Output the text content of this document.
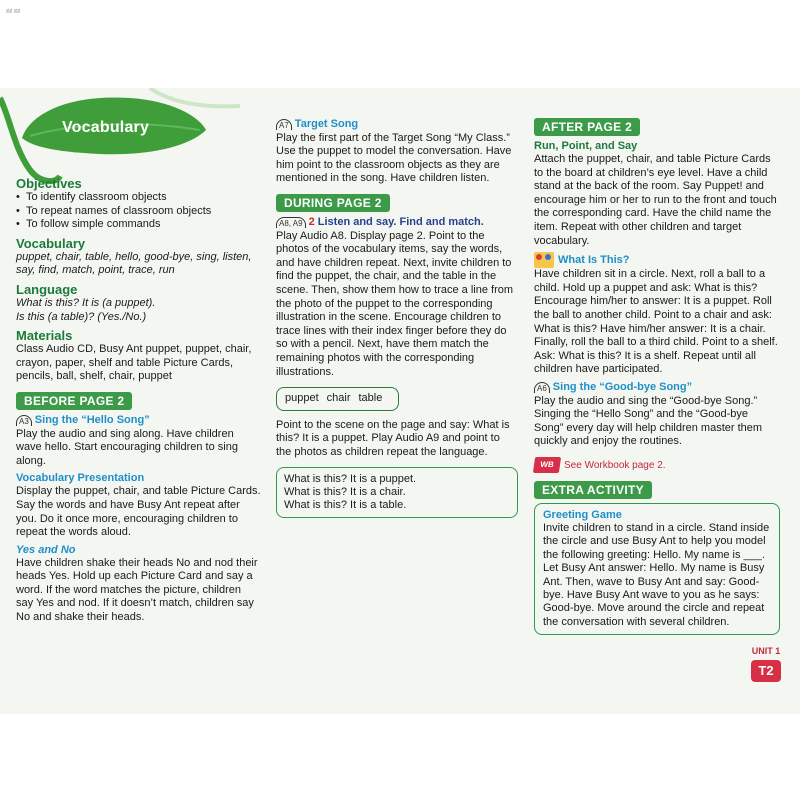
ดีดี ดีดี
Vocabulary
Objectives
• To identify classroom objects
• To repeat names of classroom objects
• To follow simple commands
Vocabulary

puppet, chair, table, hello, good-bye, sing, listen, say, find, match, point, trace, run

Language

What is this? It is (a puppet).

Is this (a table)? (Yes./No.)

Materials

Class Audio CD, Busy Ant puppet, puppet, chair, crayon, paper, shelf and table Picture Cards, pencils, ball, shelf, chair, puppet

BEFORE PAGE 2
A3 Sing the “Hello Song”

Play the audio and sing along. Have children wave hello. Start encouraging children to sing along.

Vocabulary Presentation

Display the puppet, chair, and table Picture Cards. Say the words and have Busy Ant repeat after you. Do it once more, encouraging children to repeat the words aloud.

Yes and No

Have children shake their heads No and nod their heads Yes. Hold up each Picture Card and say a word. If the word matches the picture, children say Yes and nod. If it doesn’t match, children say No and shake their heads.

A7 Target Song

Play the first part of the Target Song “My Class.” Use the puppet to model the conversation. Have him point to the classroom objects as they are mentioned in the song. Have children listen.

DURING PAGE 2
A8, A9 2 Listen and say. Find and match.

Play Audio A8. Display page 2. Point to the photos of the vocabulary items, say the words, and have children repeat. Next, invite children to find the puppet, the chair, and the table in the scene. Then, show them how to trace a line from the photo of the puppet to the corresponding illustration in the scene. Encourage children to trace lines with their index finger before they do so with a pencil. Next, have them match the remaining photos with the corresponding illustrations.

puppet chair table

Point to the scene on the page and say: What is this? It is a puppet. Play Audio A9 and point to the photos as children repeat the language.

What is this? It is a puppet.

What is this? It is a chair.

What is this? It is a table.

AFTER PAGE 2
Run, Point, and Say

Attach the puppet, chair, and table Picture Cards to the board at children’s eye level. Have a child stand at the back of the room. Say Puppet! and encourage him or her to run to the front and touch the corresponding card. Have the child name the item. Repeat with other children and target vocabulary.

What Is This?

Have children sit in a circle. Next, roll a ball to a child. Hold up a puppet and ask: What is this? Encourage him/her to answer: It is a puppet. Roll the ball to another child. Point to a chair and ask: What is this? Have him/her answer: It is a chair. Finally, roll the ball to a third child. Point to a shelf. Ask: What is this? It is a shelf. Repeat until all children have participated.

A6 Sing the “Good-bye Song”

Play the audio and sing the “Good-bye Song.” Singing the “Hello Song” and the “Good-bye Song” every day will help children master them quickly and enjoy the routines.

WB See Workbook page 2.
EXTRA ACTIVITY
Greeting Game

Invite children to stand in a circle. Stand inside the circle and use Busy Ant to help you model the following greeting: Hello. My name is ___. Let Busy Ant answer: Hello. My name is Busy Ant. Then, wave to Busy Ant and say: Good-bye. Have Busy Ant wave to you as he says: Good-bye. Move around the circle and repeat the conversation with several children.

UNIT 1
T2
